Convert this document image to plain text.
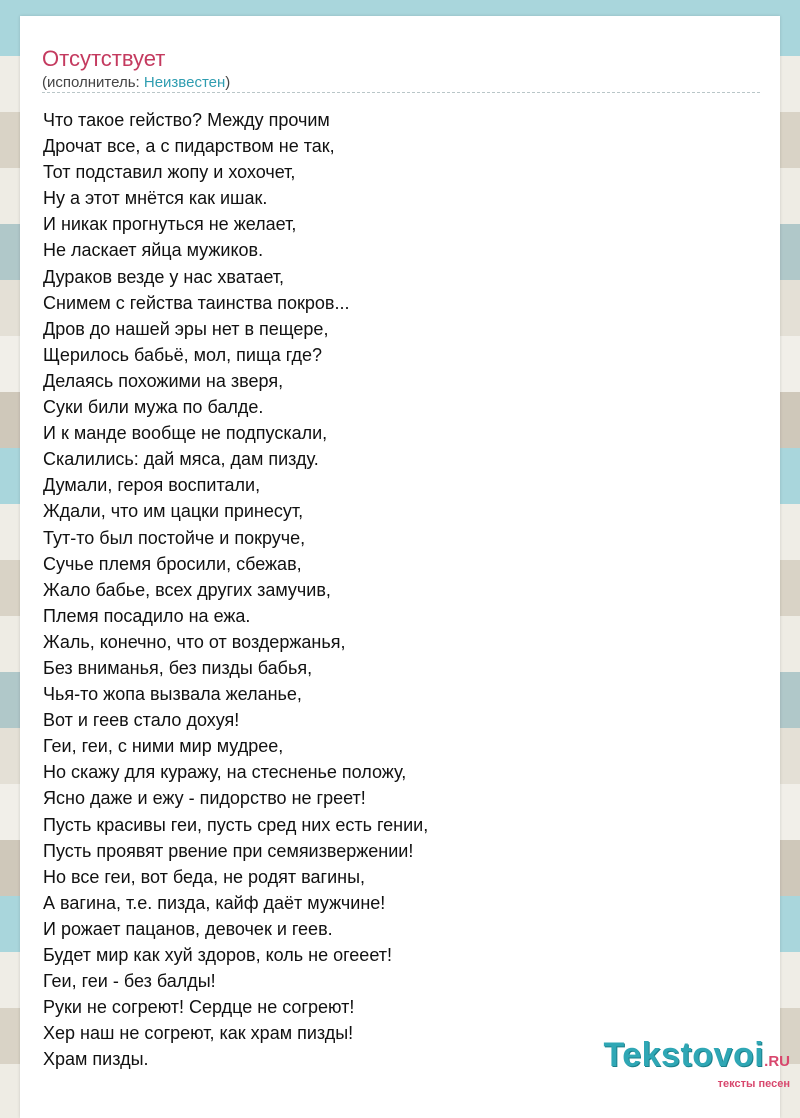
Отсутствует
(исполнитель: Неизвестен)
Что такое гейство? Между прочим
Дрочат все, а с пидарством не так,
Тот подставил жопу и хохочет,
Ну а этот мнётся как ишак.
И никак прогнуться не желает,
Не ласкает яйца мужиков.
Дураков везде у нас хватает,
Снимем с гейства таинства покров...
Дров до нашей эры нет в пещере,
Щерилось бабьё, мол, пища где?
Делаясь похожими на зверя,
Суки били мужа по балде.
И к манде вообще не подпускали,
Скалились: дай мяса, дам пизду.
Думали, героя воспитали,
Ждали, что им цацки принесут,
Тут-то был постойче и покруче,
Сучье племя бросили, сбежав,
Жало бабье, всех других замучив,
Племя посадило на ежа.
Жаль, конечно, что от воздержанья,
Без вниманья, без пизды бабья,
Чья-то жопа вызвала желанье,
Вот и геев стало дохуя!
Геи, геи, с ними мир мудрее,
Но скажу для куражу, на стесненье положу,
Ясно даже и ежу - пидорство не греет!
Пусть красивы геи, пусть сред них есть гении,
Пусть проявят рвение при семяизвержении!
Но все геи, вот беда, не родят вагины,
А вагина, т.е. пизда, кайф даёт мужчине!
И рожает пацанов, девочек и геев.
Будет мир как хуй здоров, коль не огееет!
Геи, геи - без балды!
Руки не согреют! Сердце не согреют!
Хер наш не согреют, как храм пизды!
Храм пизды.	Tekstovoi.RU
тексты песен
